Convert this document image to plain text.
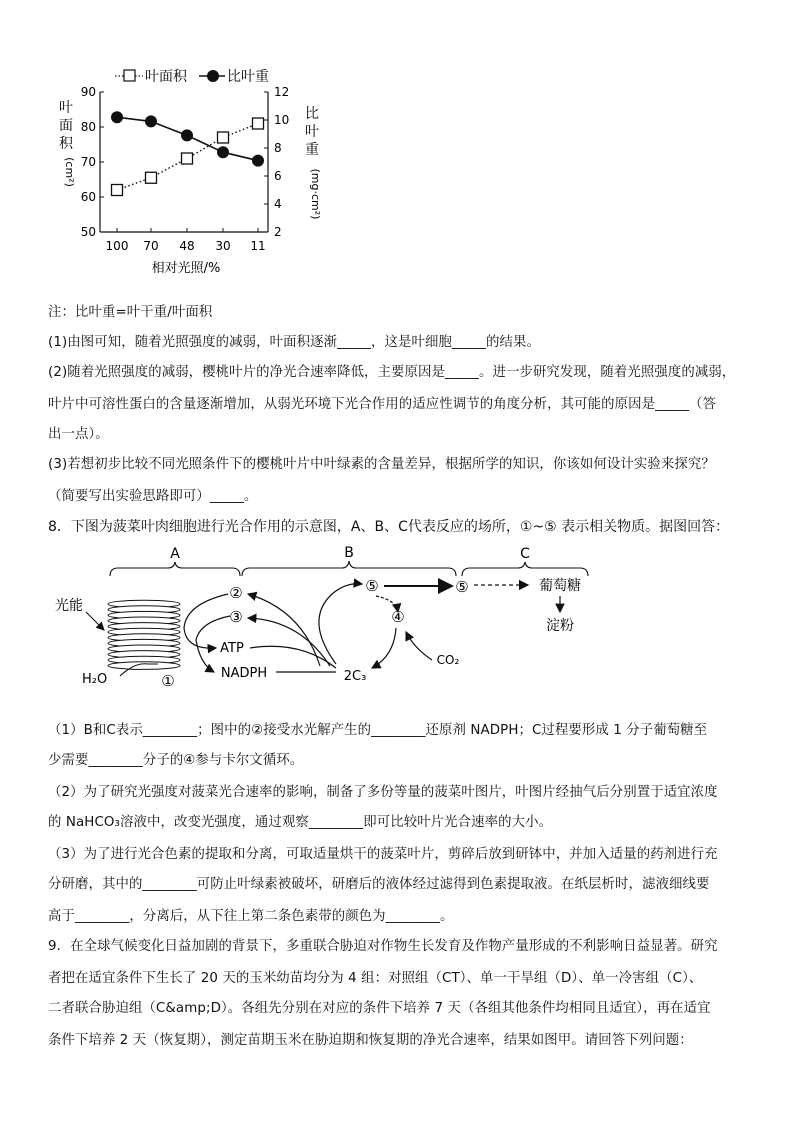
叶面积	比叶重
50
60
70
80
90
2
4
6
8
10
12
100 70 48 30 11
相对光照/%
叶
面
积
(cm²)
比
叶
重
(mg·cm²)
注：比叶重=叶干重/叶面积
(1)由图可知，随着光照强度的减弱，叶面积逐渐_____，这是叶细胞_____的结果。
(2)随着光照强度的减弱，樱桃叶片的净光合速率降低，主要原因是_____。进一步研究发现，随着光照强度的减弱，
叶片中可溶性蛋白的含量逐渐增加，从弱光环境下光合作用的适应性调节的角度分析，其可能的原因是_____（答
出一点）。
(3)若想初步比较不同光照条件下的樱桃叶片中叶绿素的含量差异，根据所学的知识，你该如何设计实验来探究？
（简要写出实验思路即可）_____。
8．下图为菠菜叶肉细胞进行光合作用的示意图，A、B、C代表反应的场所，①~⑤ 表示相关物质。据图回答：
A	B	C
光能
H₂O	①
②
③
ATP
NADPH	2C₃
⑤	⑤
④
CO₂
葡萄糖
淀粉
（1）B和C表示________；图中的②接受水光解产生的________还原剂 NADPH；C过程要形成 1 分子葡萄糖至
少需要________分子的④参与卡尔文循环。
（2）为了研究光强度对菠菜光合速率的影响，制备了多份等量的菠菜叶图片，叶图片经抽气后分别置于适宜浓度
的 NaHCO₃溶液中，改变光强度，通过观察________即可比较叶片光合速率的大小。
（3）为了进行光合色素的提取和分离，可取适量烘干的菠菜叶片，剪碎后放到研钵中，并加入适量的药剂进行充
分研磨，其中的________可防止叶绿素被破坏，研磨后的液体经过滤得到色素提取液。在纸层析时，滤液细线要
高于________，分离后，从下往上第二条色素带的颜色为________。
9．在全球气候变化日益加剧的背景下，多重联合胁迫对作物生长发育及作物产量形成的不利影响日益显著。研究
者把在适宜条件下生长了 20 天的玉米幼苗均分为 4 组：对照组（CT）、单一干旱组（D）、单一冷害组（C）、
二者联合胁迫组（C&amp;D）。各组先分别在对应的条件下培养 7 天（各组其他条件均相同且适宜），再在适宜
条件下培养 2 天（恢复期），测定苗期玉米在胁迫期和恢复期的净光合速率，结果如图甲。请回答下列问题：
